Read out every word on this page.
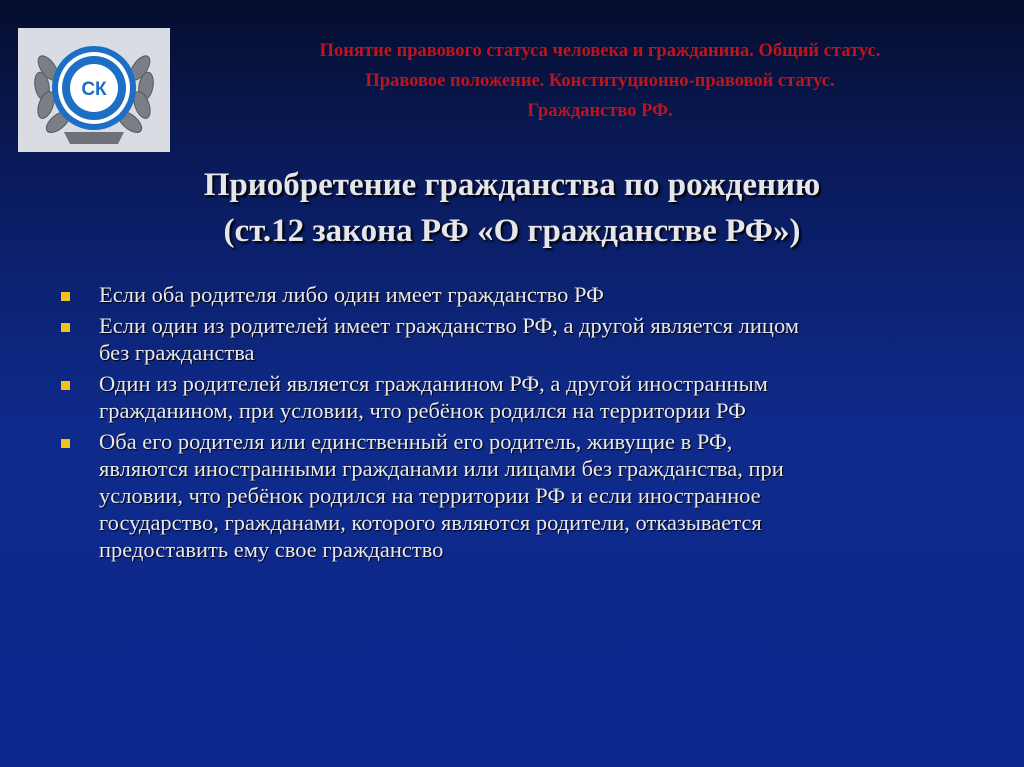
СК
Понятие правового статуса человека и гражданина. Общий статус.
Правовое положение. Конституционно-правовой статус.
Гражданство РФ.
Приобретение гражданства по рождению
(ст.12 закона РФ «О гражданстве РФ»)
Если оба родителя либо один имеет гражданство РФ
Если один из родителей имеет гражданство РФ, а другой является лицом
без гражданства
Один из родителей является гражданином РФ, а другой иностранным
гражданином, при условии, что ребёнок родился на территории РФ
Оба его родителя или единственный его родитель, живущие в РФ,
являются иностранными гражданами или лицами без гражданства, при
условии, что ребёнок родился на территории РФ и если иностранное
государство, гражданами, которого являются родители, отказывается
предоставить ему свое гражданство
